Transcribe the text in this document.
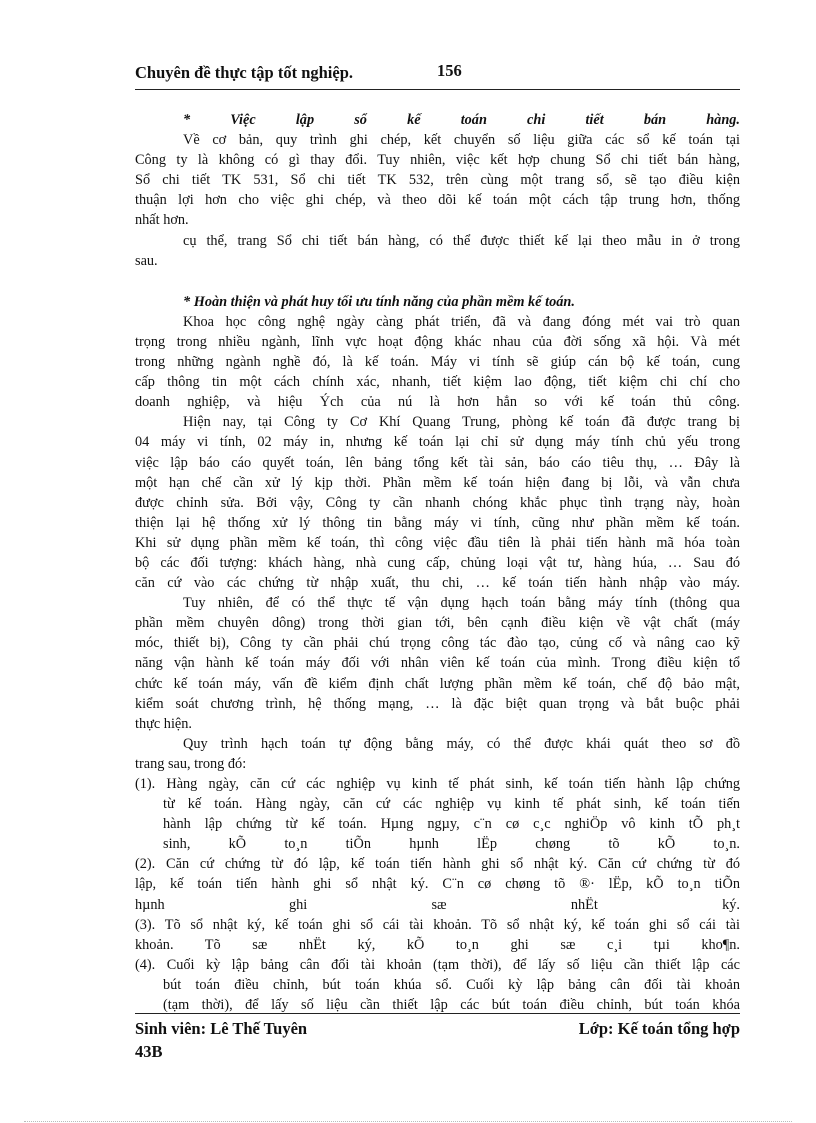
Chuyên đề thực tập tốt nghiệp.	156
* Việc lập sổ kế toán chi tiết bán hàng.
Về cơ bản, quy trình ghi chép, kết chuyển số liệu giữa các sổ kế toán tại
Công ty là không có gì thay đổi. Tuy nhiên, việc kết hợp chung Sổ chi tiết bán hàng,
Sổ chi tiết TK 531, Sổ chi tiết TK 532, trên cùng một trang sổ, sẽ tạo điều kiện
thuận lợi hơn cho việc ghi chép, và theo dõi kế toán một cách tập trung hơn, thống
nhất hơn.
cụ thể, trang Sổ chi tiết bán hàng, có thể được thiết kế lại theo mẫu in ở trong
sau.
* Hoàn thiện và phát huy tối ưu tính năng của phần mềm kế toán.
Khoa học công nghệ ngày càng phát triển, đã và đang đóng mét vai trò quan
trọng trong nhiều ngành, lĩnh vực hoạt động khác nhau của đời sống xã hội. Và mét
trong những ngành nghề đó, là kế toán. Máy vi tính sẽ giúp cán bộ kế toán, cung
cấp thông tin một cách chính xác, nhanh, tiết kiệm lao động, tiết kiệm chi chí cho
doanh nghiệp, và hiệu Ých của nú là hơn hẳn so với kế toán thủ công.
Hiện nay, tại Công ty Cơ Khí Quang Trung, phòng kế toán đã được trang bị
04 máy vi tính, 02 máy in, nhưng kế toán lại chỉ sử dụng máy tính chủ yếu trong
việc lập báo cáo quyết toán, lên bảng tổng kết tài sản, báo cáo tiêu thụ, … Đây là
một hạn chế cần xử lý kịp thời. Phần mềm kế toán hiện đang bị lỗi, và vẫn chưa
được chỉnh sửa. Bởi vậy, Công ty cần nhanh chóng khắc phục tình trạng này, hoàn
thiện lại hệ thống xử lý thông tin bằng máy vi tính, cũng như phần mềm kế toán.
Khi sử dụng phần mềm kế toán, thì công việc đầu tiên là phải tiến hành mã hóa toàn
bộ các đối tượng: khách hàng, nhà cung cấp, chủng loại vật tư, hàng húa, … Sau đó
căn cứ vào các chứng từ nhập xuất, thu chi, … kế toán tiến hành nhập vào máy.
Tuy nhiên, để có thể thực tế vận dụng hạch toán bằng máy tính (thông qua
phần mềm chuyên dông) trong thời gian tới, bên cạnh điều kiện về vật chất (máy
móc, thiết bị), Công ty cần phải chú trọng công tác đào tạo, củng cố và nâng cao kỹ
năng vận hành kế toán máy đối với nhân viên kế toán của mình. Trong điều kiện tổ
chức kế toán máy, vấn đề kiểm định chất lượng phần mềm kế toán, chế độ bảo mật,
kiểm soát chương trình, hệ thống mạng, … là đặc biệt quan trọng và bắt buộc phải
thực hiện.
Quy trình hạch toán tự động bằng máy, có thể được khái quát theo sơ đồ
trang sau, trong đó:
(1). Hàng ngày, căn cứ các nghiệp vụ kinh tế phát sinh, kế toán tiến hành lập chứng
từ kế toán. Hàng ngày, căn cứ các nghiệp vụ kinh tế phát sinh, kế toán tiến
hành lập chứng từ kế toán. Hµng ngµy, c¨n cø c¸c nghiÖp vô kinh tÕ ph¸t
sinh, kÕ to¸n tiÕn hµnh lËp chøng tõ kÕ to¸n.
(2). Căn cứ chứng từ đó lập, kế toán tiến hành ghi sổ nhật ký. Căn cứ chứng từ đó
lập, kế toán tiến hành ghi sổ nhật ký. C¨n cø chøng tõ ®· lËp, kÕ to¸n tiÕn
hµnh ghi sæ nhËt ký.
(3). Tõ sổ nhật ký, kế toán ghi sổ cái tài khoản. Tõ sổ nhật ký, kế toán ghi sổ cái tài
khoản. Tõ sæ nhËt ký, kÕ to¸n ghi sæ c¸i tµi kho¶n.
(4). Cuối kỳ lập bảng cân đối tài khoản (tạm thời), để lấy số liệu cần thiết lập các
bút toán điều chỉnh, bút toán khúa sổ. Cuối kỳ lập bảng cân đối tài khoản
(tạm thời), để lấy số liệu cần thiết lập các bút toán điều chỉnh, bút toán khóa
Sinh viên: Lê Thế Tuyên	Lớp: Kế toán tổng hợp
43B
